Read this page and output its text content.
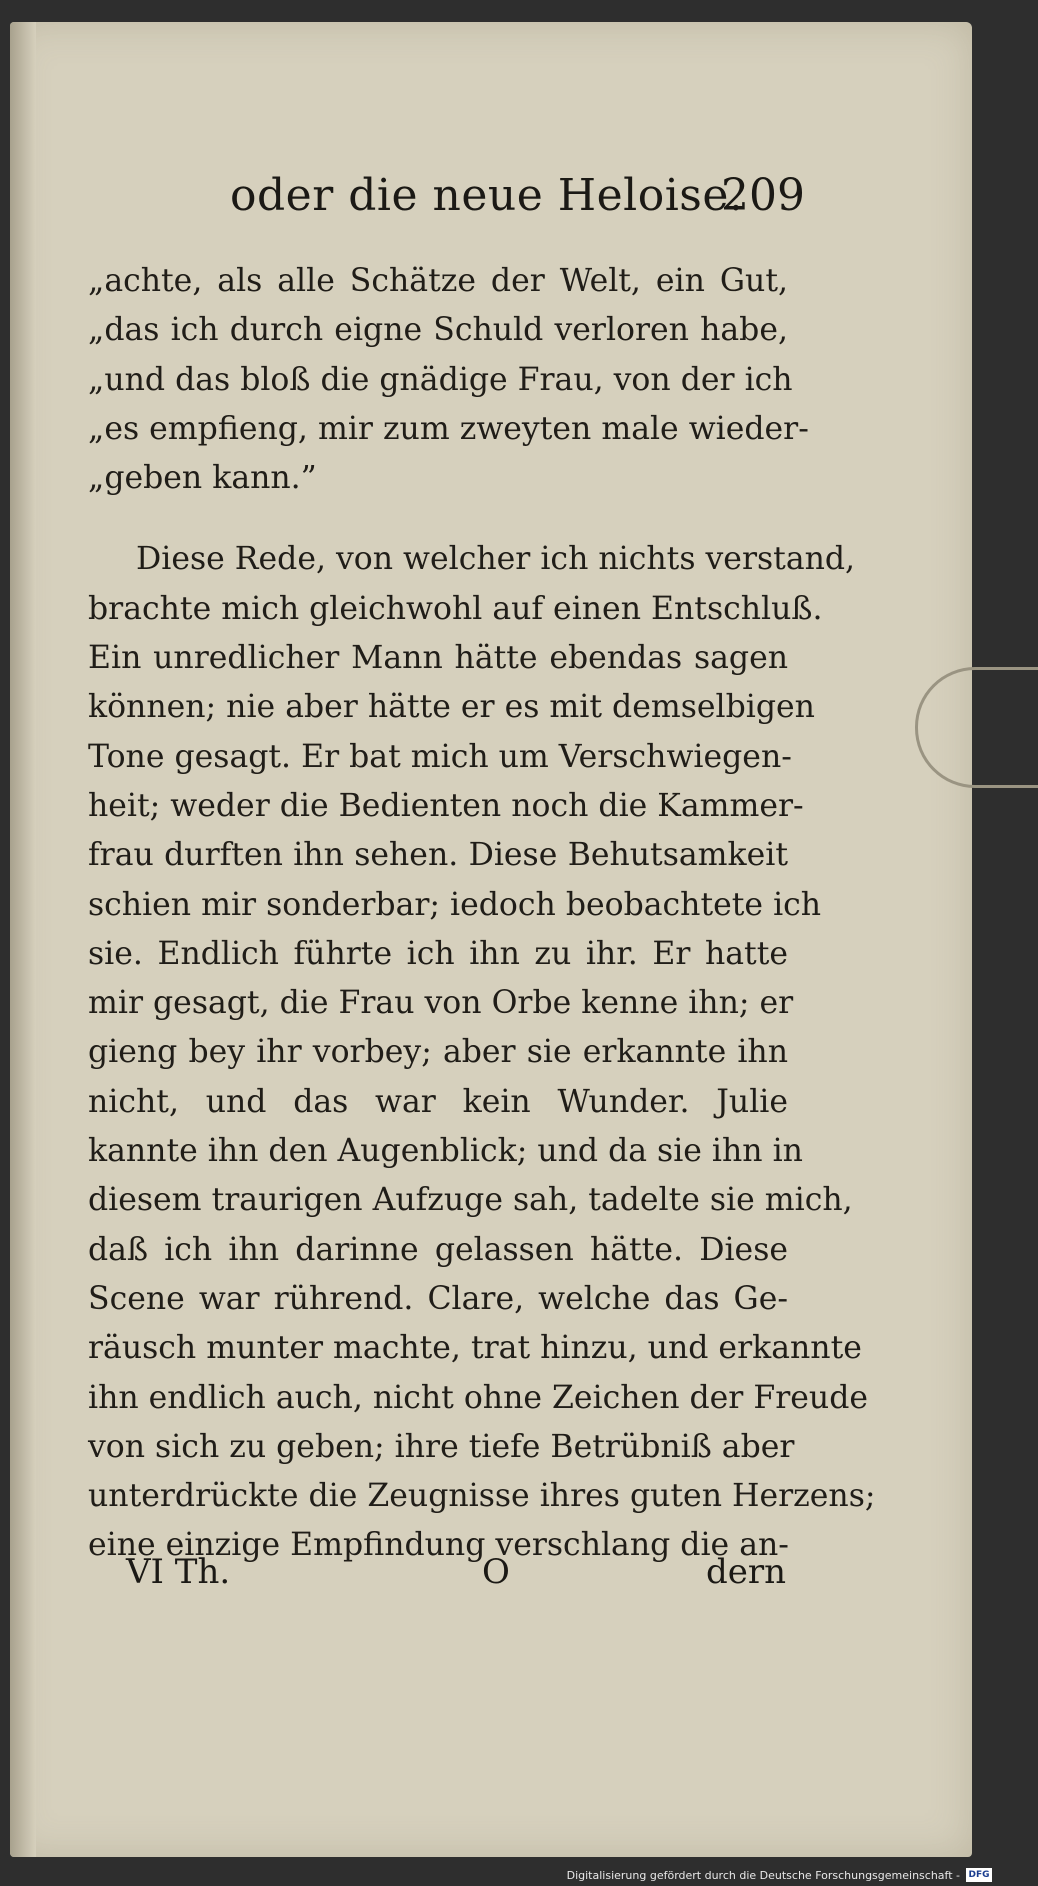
oder die neue Heloise.
209
„achte, als alle Schätze der Welt, ein Gut,
„das ich durch eigne Schuld verloren habe,
„und das bloß die gnädige Frau, von der ich
„es empfieng, mir zum zweyten male wieder-
„geben kann.”
Diese Rede, von welcher ich nichts verstand,
brachte mich gleichwohl auf einen Entschluß.
Ein unredlicher Mann hätte ebendas sagen
können; nie aber hätte er es mit demselbigen
Tone gesagt. Er bat mich um Verschwiegen-
heit; weder die Bedienten noch die Kammer-
frau durften ihn sehen. Diese Behutsamkeit
schien mir sonderbar; iedoch beobachtete ich
sie. Endlich führte ich ihn zu ihr. Er hatte
mir gesagt, die Frau von Orbe kenne ihn; er
gieng bey ihr vorbey; aber sie erkannte ihn
nicht, und das war kein Wunder. Julie
kannte ihn den Augenblick; und da sie ihn in
diesem traurigen Aufzuge sah, tadelte sie mich,
daß ich ihn darinne gelassen hätte. Diese
Scene war rührend. Clare, welche das Ge-
räusch munter machte, trat hinzu, und erkannte
ihn endlich auch, nicht ohne Zeichen der Freude
von sich zu geben; ihre tiefe Betrübniß aber
unterdrückte die Zeugnisse ihres guten Herzens;
eine einzige Empfindung verschlang die an-
VI Th.	O	dern
Digitalisierung gefördert durch die Deutsche Forschungsgemeinschaft - DFG
